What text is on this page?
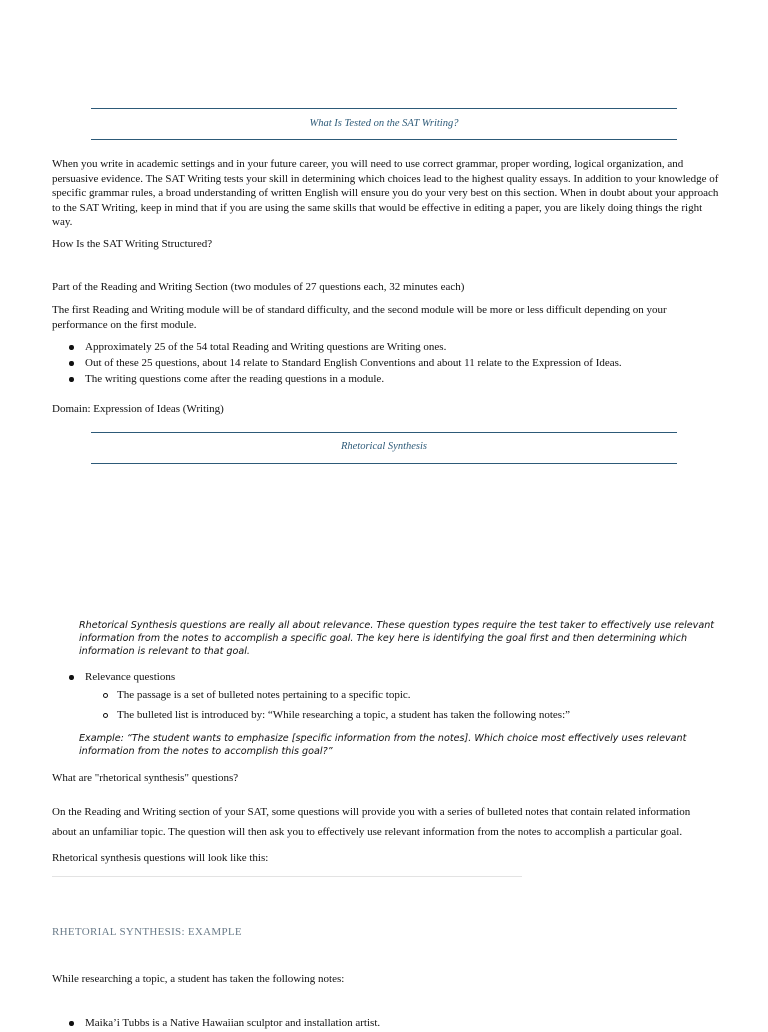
What Is Tested on the SAT Writing?
When you write in academic settings and in your future career, you will need to use correct grammar, proper wording, logical organization, and persuasive evidence. The SAT Writing tests your skill in determining which choices lead to the highest quality essays. In addition to your knowledge of specific grammar rules, a broad understanding of written English will ensure you do your very best on this section. When in doubt about your approach to the SAT Writing, keep in mind that if you are using the same skills that would be effective in editing a paper, you are likely doing things the right way.
How Is the SAT Writing Structured?
Part of the Reading and Writing Section (two modules of 27 questions each, 32 minutes each)
The first Reading and Writing module will be of standard difficulty, and the second module will be more or less difficult depending on your performance on the first module.
Approximately 25 of the 54 total Reading and Writing questions are Writing ones.
Out of these 25 questions, about 14 relate to Standard English Conventions and about 11 relate to the Expression of Ideas.
The writing questions come after the reading questions in a module.
Domain: Expression of Ideas (Writing)
Rhetorical Synthesis
Rhetorical Synthesis questions are really all about relevance. These question types require the test taker to effectively use relevant information from the notes to accomplish a specific goal. The key here is identifying the goal first and then determining which information is relevant to that goal.
Relevance questions
The passage is a set of bulleted notes pertaining to a specific topic.
The bulleted list is introduced by: “While researching a topic, a student has taken the following notes:”
Example: “The student wants to emphasize [specific information from the notes]. Which choice most effectively uses relevant information from the notes to accomplish this goal?”
What are "rhetorical synthesis" questions?
On the Reading and Writing section of your SAT, some questions will provide you with a series of bulleted notes that contain related information about an unfamiliar topic. The question will then ask you to effectively use relevant information from the notes to accomplish a particular goal.
Rhetorical synthesis questions will look like this:
RHETORIAL SYNTHESIS: EXAMPLE
While researching a topic, a student has taken the following notes:
Maika’i Tubbs is a Native Hawaiian sculptor and installation artist.
